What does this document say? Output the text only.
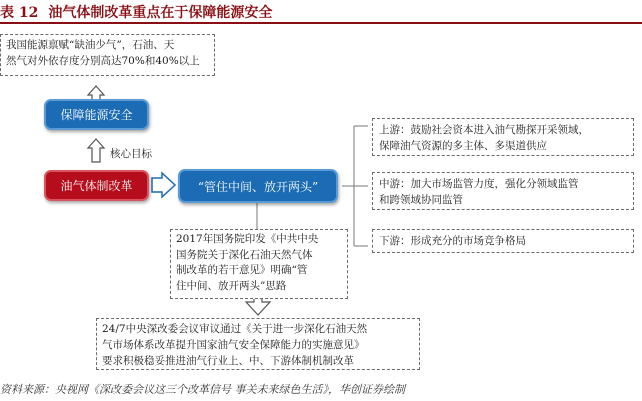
表 12 油气体制改革重点在于保障能源安全
我国能源禀赋“缺油少气”，石油、天
然气对外依存度分别高达70%和40%以上
保障能源安全
核心目标
油气体制改革	“管住中间、放开两头”
上游：鼓励社会资本进入油气勘探开采领域，
保障油气资源的多主体、多渠道供应
中游：加大市场监管力度，强化分领域监管
和跨领域协同监管
下游：形成充分的市场竞争格局
2017年国务院印发《中共中央
国务院关于深化石油天然气体
制改革的若干意见》明确“管
住中间、放开两头”思路
24/7中央深改委会议审议通过《关于进一步深化石油天然
气市场体系改革提升国家油气安全保障能力的实施意见》
要求积极稳妥推进油气行业上、中、下游体制机制改革
资料来源：央视网《深改委会议这三个改革信号 事关未来绿色生活》，华创证券绘制
